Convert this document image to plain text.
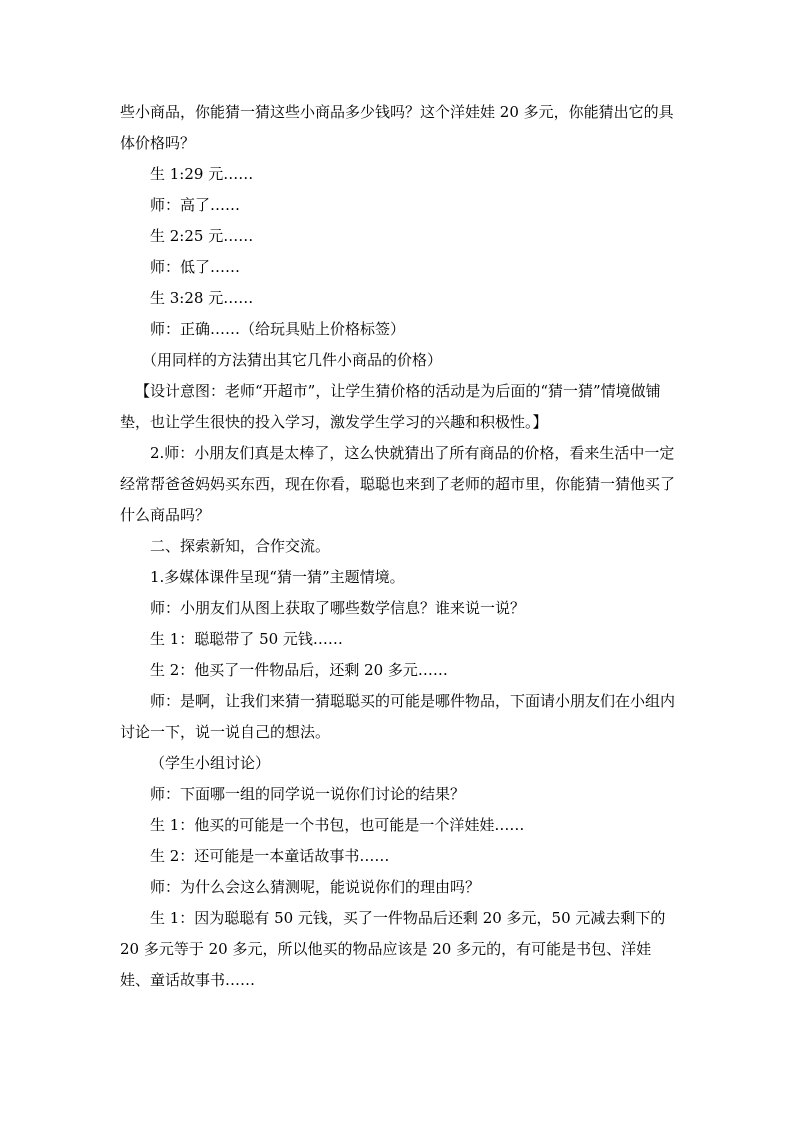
些小商品，你能猜一猜这些小商品多少钱吗？这个洋娃娃 20 多元，你能猜出它的具体价格吗？

生 1:29 元……

师：高了……

生 2:25 元……

师：低了……

生 3:28 元……

师：正确……（给玩具贴上价格标签）

（用同样的方法猜出其它几件小商品的价格）

【设计意图：老师“开超市”，让学生猜价格的活动是为后面的“猜一猜”情境做铺垫，也让学生很快的投入学习，激发学生学习的兴趣和积极性。】

2.师：小朋友们真是太棒了，这么快就猜出了所有商品的价格，看来生活中一定经常帮爸爸妈妈买东西，现在你看，聪聪也来到了老师的超市里，你能猜一猜他买了什么商品吗？

二、探索新知，合作交流。

1.多媒体课件呈现“猜一猜”主题情境。

师：小朋友们从图上获取了哪些数学信息？谁来说一说？

生 1：聪聪带了 50 元钱……

生 2：他买了一件物品后，还剩 20 多元……

师：是啊，让我们来猜一猜聪聪买的可能是哪件物品，下面请小朋友们在小组内讨论一下，说一说自己的想法。

（学生小组讨论）

师：下面哪一组的同学说一说你们讨论的结果？

生 1：他买的可能是一个书包，也可能是一个洋娃娃……

生 2：还可能是一本童话故事书……

师：为什么会这么猜测呢，能说说你们的理由吗？

生 1：因为聪聪有 50 元钱，买了一件物品后还剩 20 多元，50 元减去剩下的 20 多元等于 20 多元，所以他买的物品应该是 20 多元的，有可能是书包、洋娃娃、童话故事书……
